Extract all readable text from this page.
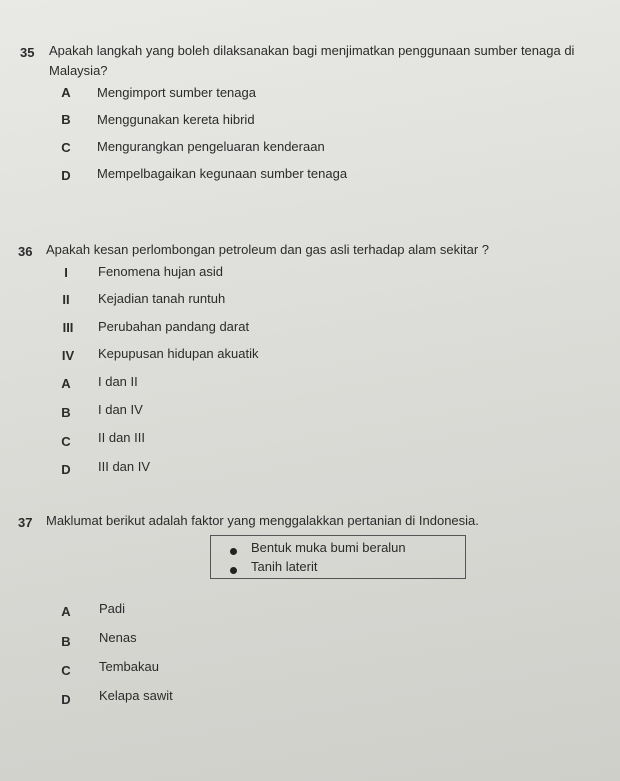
35 Apakah langkah yang boleh dilaksanakan bagi menjimatkan penggunaan sumber tenaga di
Malaysia?
A	Mengimport sumber tenaga
B	Menggunakan kereta hibrid
C	Mengurangkan pengeluaran kenderaan
D	Mempelbagaikan kegunaan sumber tenaga
36 Apakah kesan perlombongan petroleum dan gas asli terhadap alam sekitar ?
I	Fenomena hujan asid
II	Kejadian tanah runtuh
III	Perubahan pandang darat
IV Kepupusan hidupan akuatik
A	I dan II
B	I dan IV
C	II dan III
D	III dan IV
37 Maklumat berikut adalah faktor yang menggalakkan pertanian di Indonesia.
Bentuk muka bumi beralun
Tanih laterit
A	Padi
B	Nenas
C	Tembakau
D	Kelapa sawit
